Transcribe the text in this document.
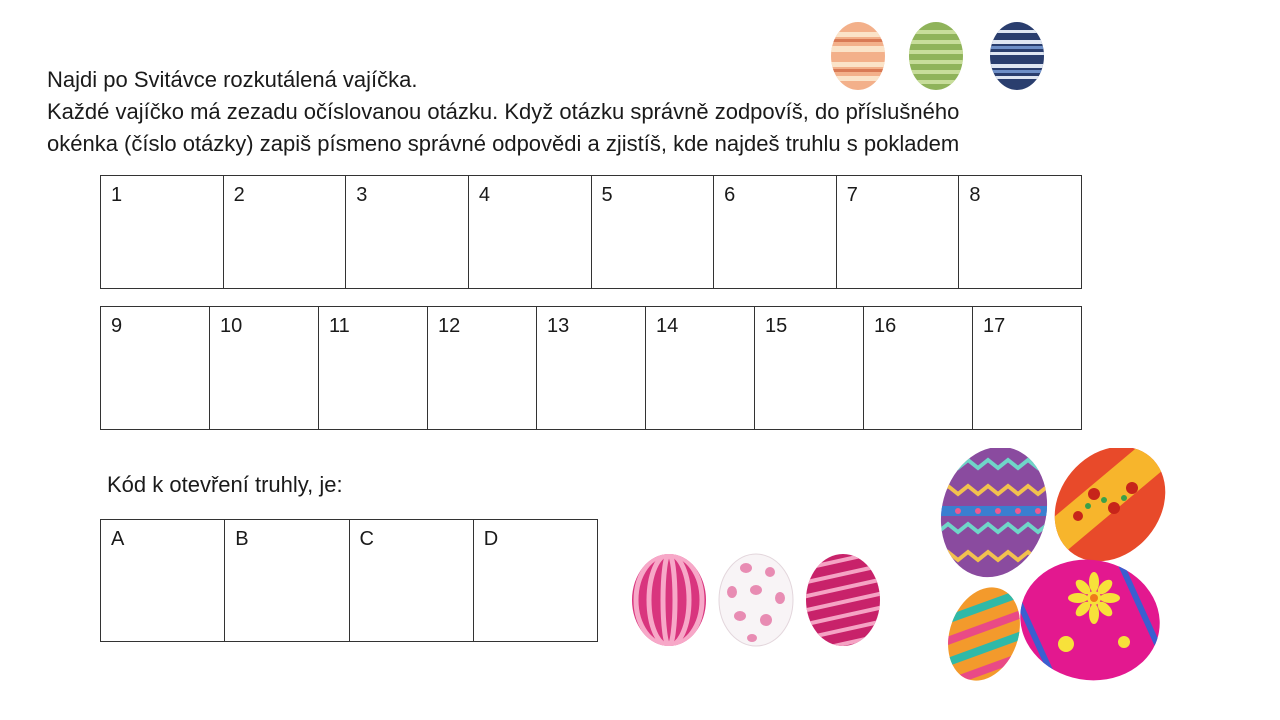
Najdi po Svitávce rozkutálená vajíčka.
Každé vajíčko má zezadu očíslovanou otázku. Když otázku správně zodpovíš, do příslušného
okénka (číslo otázky) zapiš písmeno správné odpovědi a zjistíš, kde najdeš truhlu s pokladem
1	2	3	4	5	6	7	8
9	10	11	12	13	14	15	16	17
Kód k otevření truhly, je:
A	B	C	D
